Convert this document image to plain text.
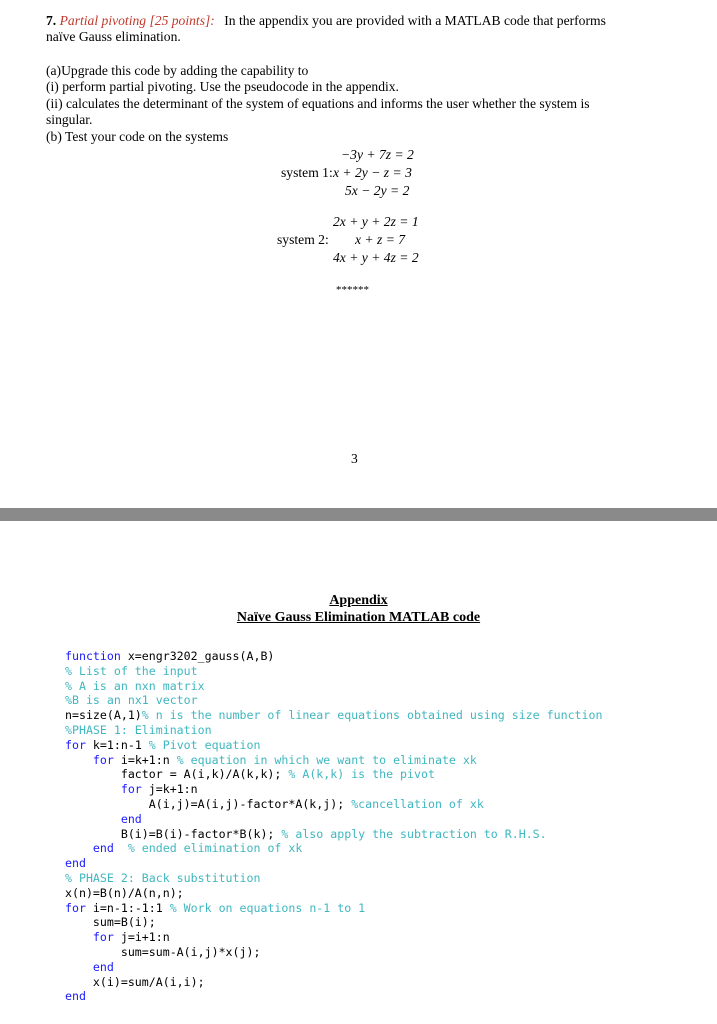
7. Partial pivoting [25 points]: In the appendix you are provided with a MATLAB code that performs
naïve Gauss elimination.
(a)Upgrade this code by adding the capability to
(i) perform partial pivoting. Use the pseudocode in the appendix.
(ii) calculates the determinant of the system of equations and informs the user whether the system is
singular.
(b) Test your code on the systems
−3y + 7z = 2
system 1: x + 2y − z = 3
5x − 2y = 2
2x + y + 2z = 1
system 2: x + z = 7
4x + y + 4z = 2
******
3
Appendix
Naïve Gauss Elimination MATLAB code
function x=engr3202_gauss(A,B)
% List of the input
% A is an nxn matrix
%B is an nx1 vector
n=size(A,1)% n is the number of linear equations obtained using size function
%PHASE 1: Elimination
for k=1:n-1 % Pivot equation
for i=k+1:n % equation in which we want to eliminate xk
factor = A(i,k)/A(k,k); % A(k,k) is the pivot
for j=k+1:n
A(i,j)=A(i,j)-factor*A(k,j); %cancellation of xk
end
B(i)=B(i)-factor*B(k); % also apply the subtraction to R.H.S.
end % ended elimination of xk
end
% PHASE 2: Back substitution
x(n)=B(n)/A(n,n);
for i=n-1:-1:1 % Work on equations n-1 to 1
sum=B(i);
for j=i+1:n
sum=sum-A(i,j)*x(j);
end
x(i)=sum/A(i,i);
end
